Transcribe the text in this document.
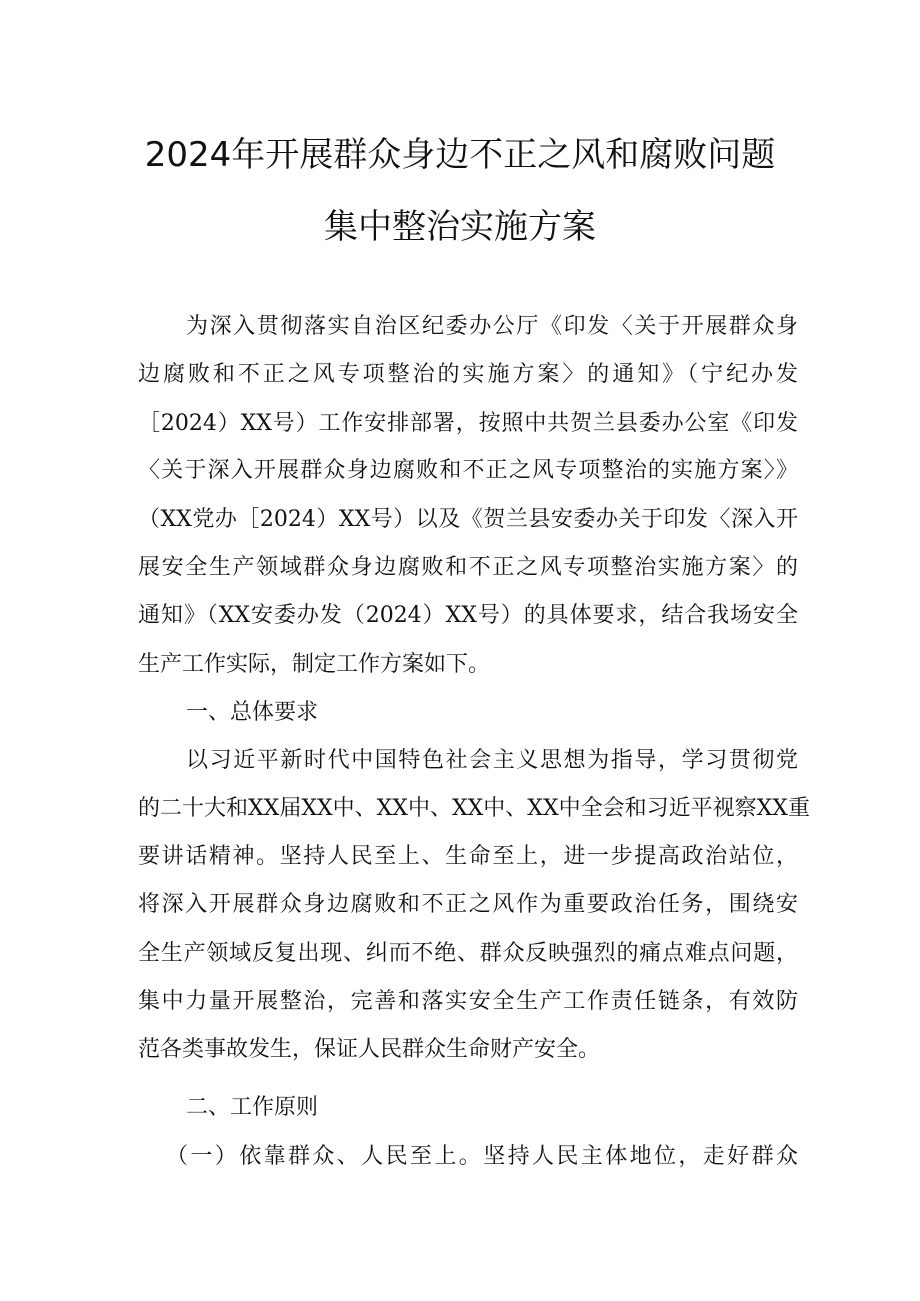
2024年开展群众身边不正之风和腐败问题
集中整治实施方案
为深入贯彻落实自治区纪委办公厅《印发〈关于开展群众身
边腐败和不正之风专项整治的实施方案〉的通知》（宁纪办发
［2024）XX号）工作安排部署，按照中共贺兰县委办公室《印发
〈关于深入开展群众身边腐败和不正之风专项整治的实施方案〉》
（XX党办［2024）XX号）以及《贺兰县安委办关于印发〈深入开
展安全生产领域群众身边腐败和不正之风专项整治实施方案〉的
通知》（XX安委办发（2024）XX号）的具体要求，结合我场安全
生产工作实际，制定工作方案如下。
一、总体要求
以习近平新时代中国特色社会主义思想为指导，学习贯彻党
的二十大和XX届XX中、XX中、XX中、XX中全会和习近平视察XX重
要讲话精神。坚持人民至上、生命至上，进一步提高政治站位，
将深入开展群众身边腐败和不正之风作为重要政治任务，围绕安
全生产领域反复出现、纠而不绝、群众反映强烈的痛点难点问题，
集中力量开展整治，完善和落实安全生产工作责任链条，有效防
范各类事故发生，保证人民群众生命财产安全。
二、工作原则
（一）依靠群众、人民至上。坚持人民主体地位，走好群众
